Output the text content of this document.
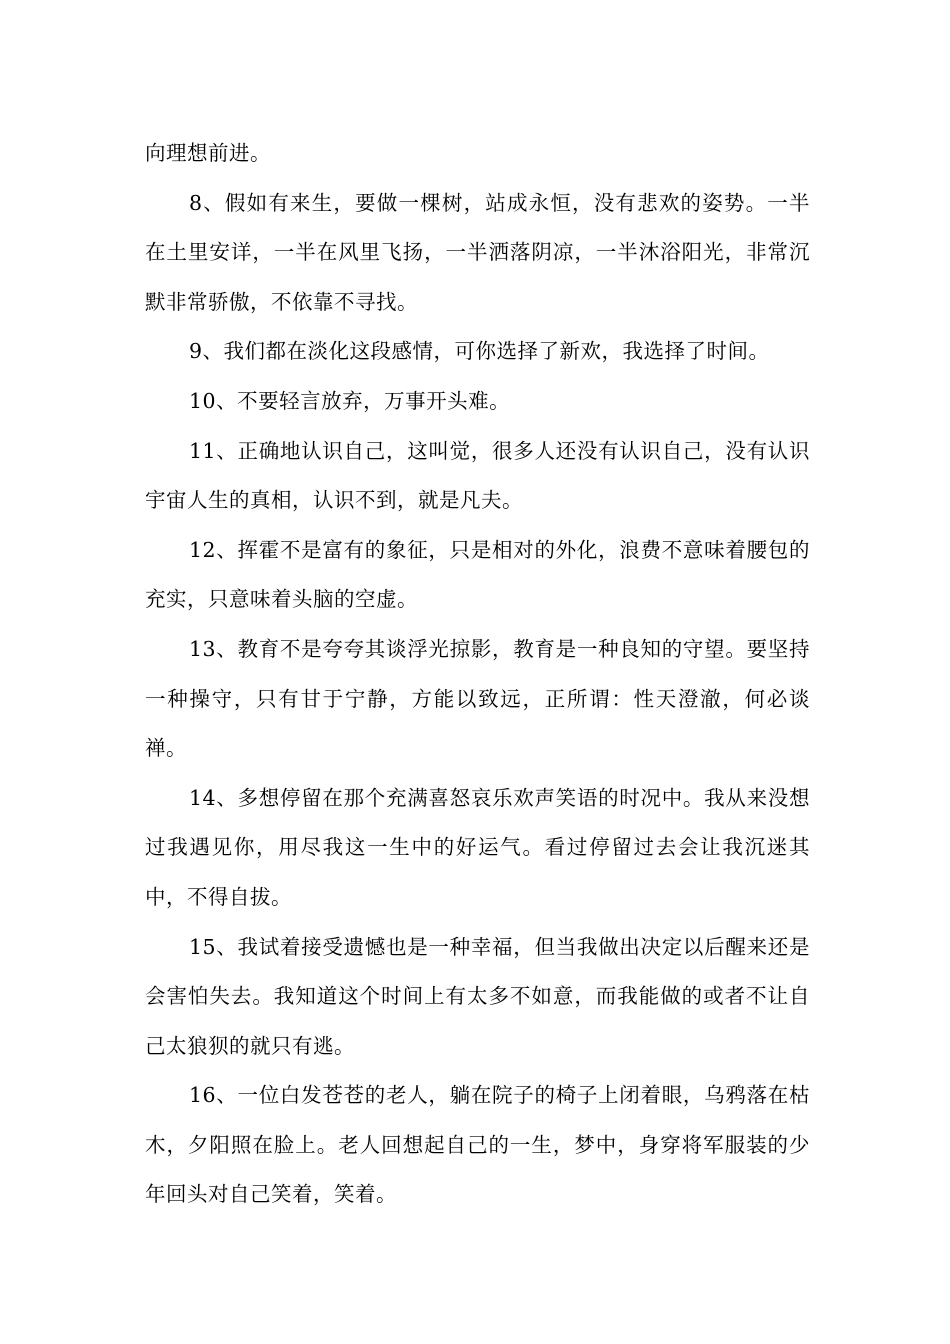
向理想前进。

8、假如有来生，要做一棵树，站成永恒，没有悲欢的姿势。一半在土里安详，一半在风里飞扬，一半洒落阴凉，一半沐浴阳光，非常沉默非常骄傲，不依靠不寻找。

9、我们都在淡化这段感情，可你选择了新欢，我选择了时间。

10、不要轻言放弃，万事开头难。

11、正确地认识自己，这叫觉，很多人还没有认识自己，没有认识宇宙人生的真相，认识不到，就是凡夫。

12、挥霍不是富有的象征，只是相对的外化，浪费不意味着腰包的充实，只意味着头脑的空虚。

13、教育不是夸夸其谈浮光掠影，教育是一种良知的守望。要坚持一种操守，只有甘于宁静，方能以致远，正所谓：性天澄澈，何必谈禅。

14、多想停留在那个充满喜怒哀乐欢声笑语的时况中。我从来没想过我遇见你，用尽我这一生中的好运气。看过停留过去会让我沉迷其中，不得自拔。

15、我试着接受遗憾也是一种幸福，但当我做出决定以后醒来还是会害怕失去。我知道这个时间上有太多不如意，而我能做的或者不让自己太狼狈的就只有逃。

16、一位白发苍苍的老人，躺在院子的椅子上闭着眼，乌鸦落在枯木，夕阳照在脸上。老人回想起自己的一生，梦中，身穿将军服装的少年回头对自己笑着，笑着。
